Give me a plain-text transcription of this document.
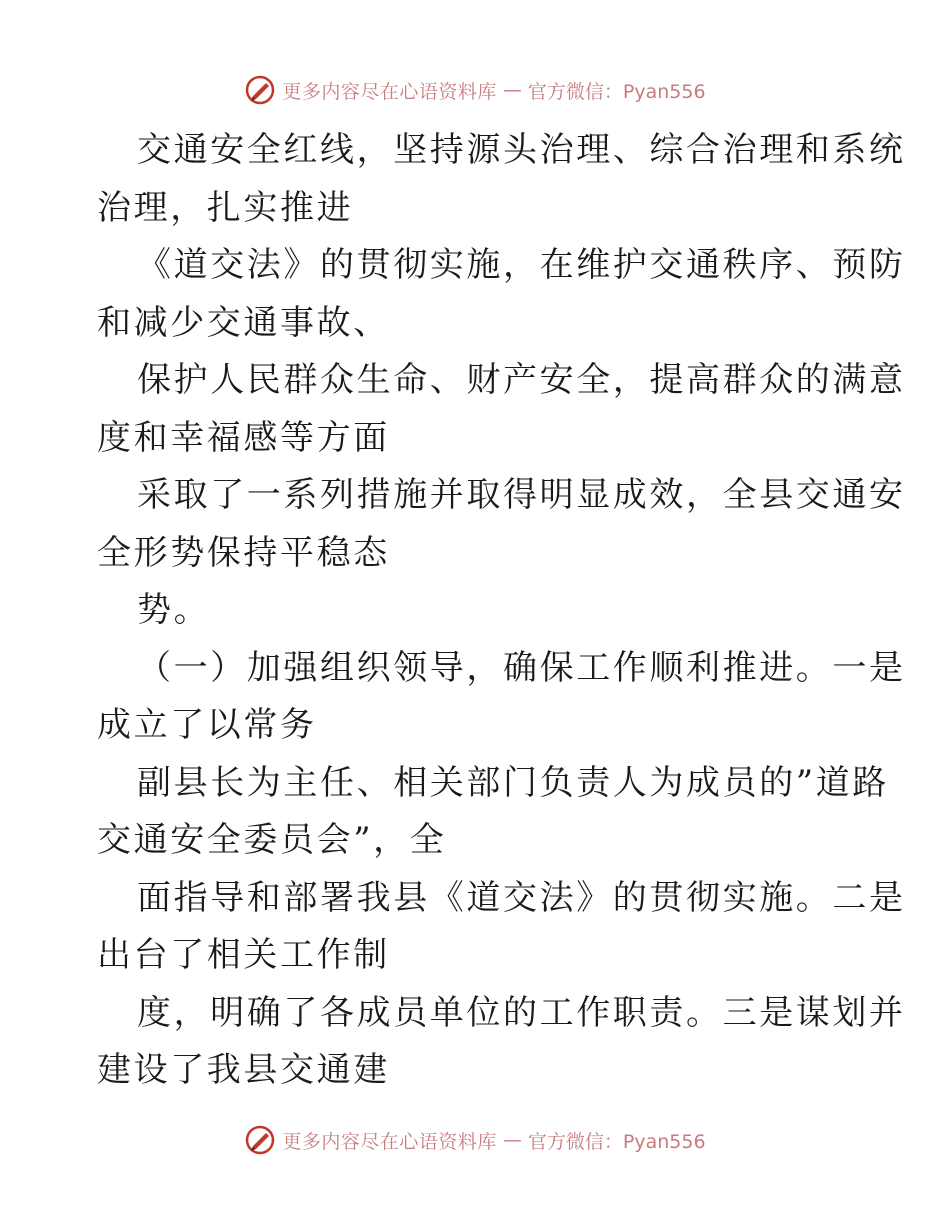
更多内容尽在心语资料库 — 官方微信：Pyan556
交通安全红线，坚持源头治理、综合治理和系统
治理，扎实推进
《道交法》的贯彻实施，在维护交通秩序、预防
和减少交通事故、
保护人民群众生命、财产安全，提高群众的满意
度和幸福感等方面
采取了一系列措施并取得明显成效，全县交通安
全形势保持平稳态
势。
（一）加强组织领导，确保工作顺利推进。一是
成立了以常务
副县长为主任、相关部门负责人为成员的”道路
交通安全委员会”，全
面指导和部署我县《道交法》的贯彻实施。二是
出台了相关工作制
度，明确了各成员单位的工作职责。三是谋划并
建设了我县交通建
更多内容尽在心语资料库 — 官方微信：Pyan556
